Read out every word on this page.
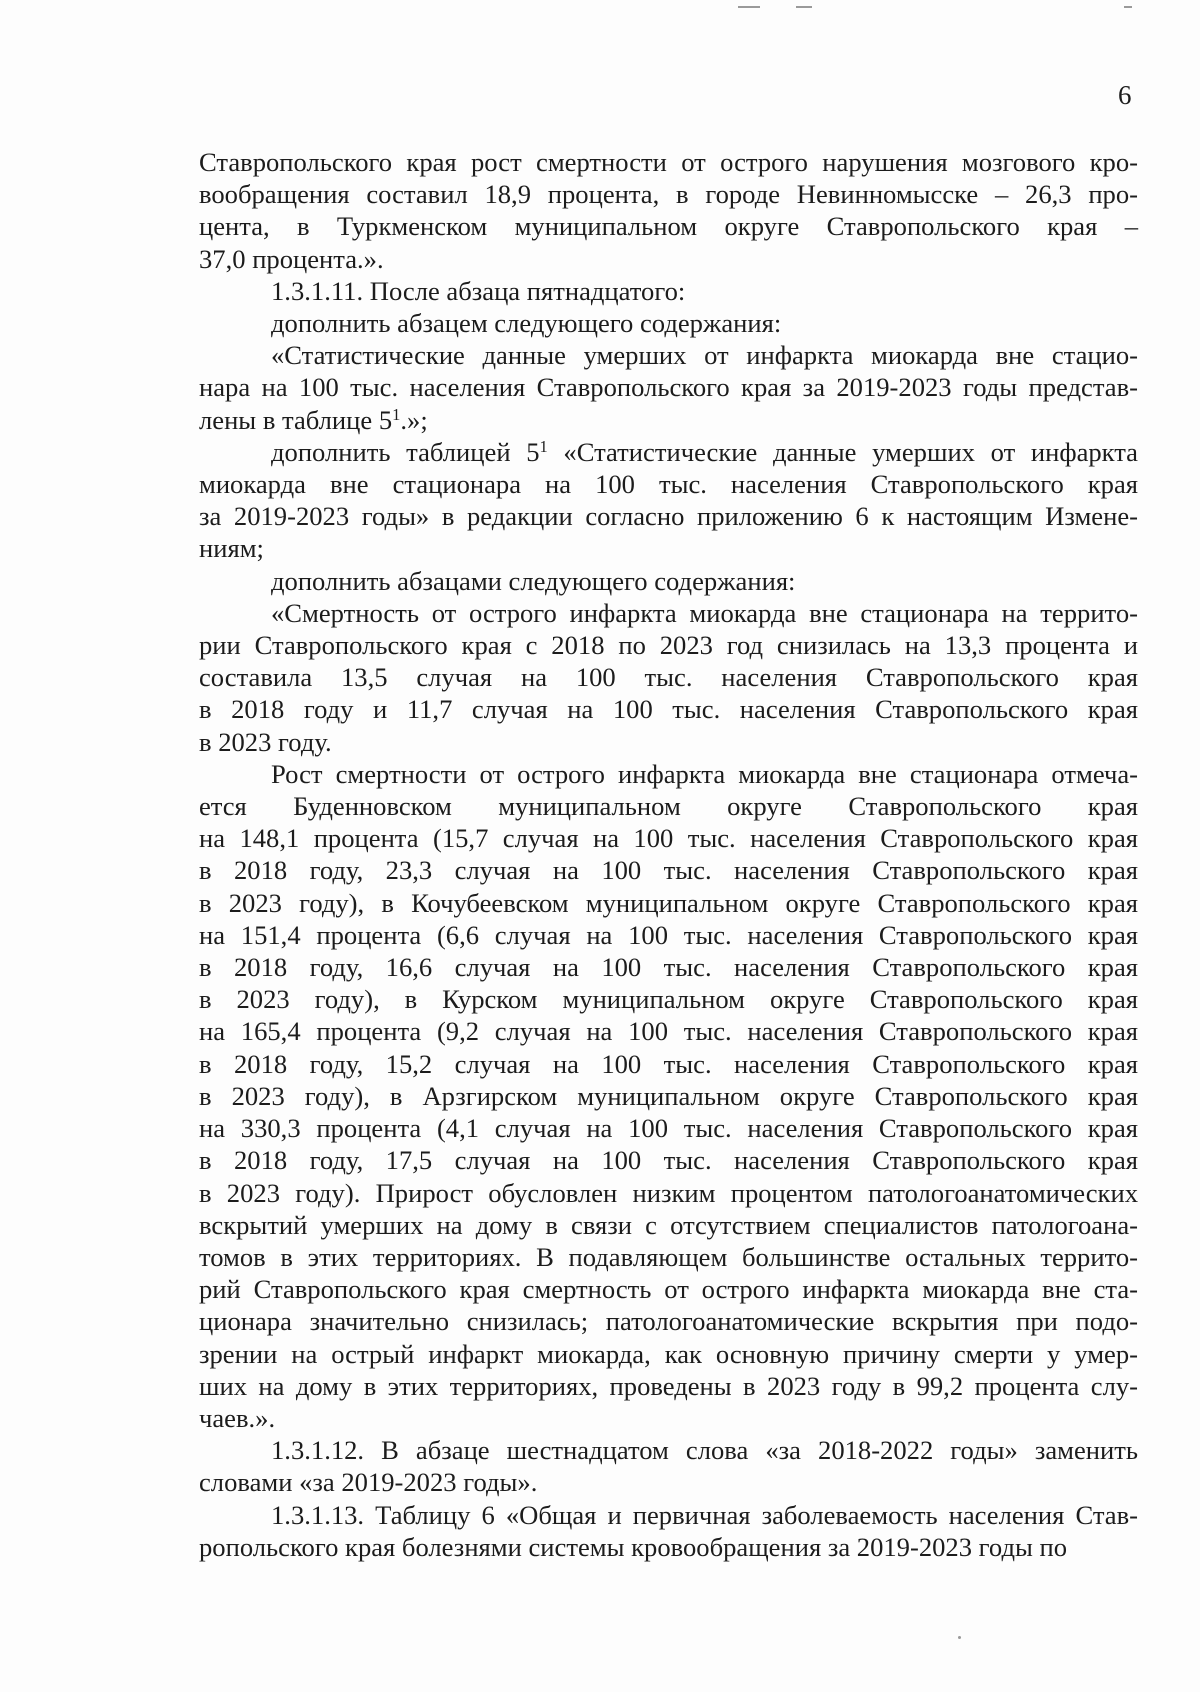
6

Ставропольского края рост смертности от острого нарушения мозгового кро-
вообращения составил 18,9 процента, в городе Невинномысске – 26,3 про-
цента, в Туркменском муниципальном округе Ставропольского края –
37,0 процента.».

1.3.1.11. После абзаца пятнадцатого:

дополнить абзацем следующего содержания:

«Статистические данные умерших от инфаркта миокарда вне стацио-
нара на 100 тыс. населения Ставропольского края за 2019-2023 годы представ-
лены в таблице $5^1$.»;

дополнить таблицей $5^1$ «Статистические данные умерших от инфаркта
миокарда вне стационара на 100 тыс. населения Ставропольского края
за 2019-2023 годы» в редакции согласно приложению 6 к настоящим Измене-
ниям;

дополнить абзацами следующего содержания:

«Смертность от острого инфаркта миокарда вне стационара на террито-
рии Ставропольского края с 2018 по 2023 год снизилась на 13,3 процента и
составила 13,5 случая на 100 тыс. населения Ставропольского края
в 2018 году и 11,7 случая на 100 тыс. населения Ставропольского края
в 2023 году.

Рост смертности от острого инфаркта миокарда вне стационара отмеча-
ется Буденновском муниципальном округе Ставропольского края
на 148,1 процента (15,7 случая на 100 тыс. населения Ставропольского края
в 2018 году, 23,3 случая на 100 тыс. населения Ставропольского края
в 2023 году), в Кочубеевском муниципальном округе Ставропольского края
на 151,4 процента (6,6 случая на 100 тыс. населения Ставропольского края
в 2018 году, 16,6 случая на 100 тыс. населения Ставропольского края
в 2023 году), в Курском муниципальном округе Ставропольского края
на 165,4 процента (9,2 случая на 100 тыс. населения Ставропольского края
в 2018 году, 15,2 случая на 100 тыс. населения Ставропольского края
в 2023 году), в Арзгирском муниципальном округе Ставропольского края
на 330,3 процента (4,1 случая на 100 тыс. населения Ставропольского края
в 2018 году, 17,5 случая на 100 тыс. населения Ставропольского края
в 2023 году). Прирост обусловлен низким процентом патологоанатомических
вскрытий умерших на дому в связи с отсутствием специалистов патологоана-
томов в этих территориях. В подавляющем большинстве остальных террито-
рий Ставропольского края смертность от острого инфаркта миокарда вне ста-
ционара значительно снизилась; патологоанатомические вскрытия при подо-
зрении на острый инфаркт миокарда, как основную причину смерти у умер-
ших на дому в этих территориях, проведены в 2023 году в 99,2 процента слу-
чаев.».

1.3.1.12. В абзаце шестнадцатом слова «за 2018-2022 годы» заменить
словами «за 2019-2023 годы».

1.3.1.13. Таблицу 6 «Общая и первичная заболеваемость населения Став-
ропольского края болезнями системы кровообращения за 2019-2023 годы по
